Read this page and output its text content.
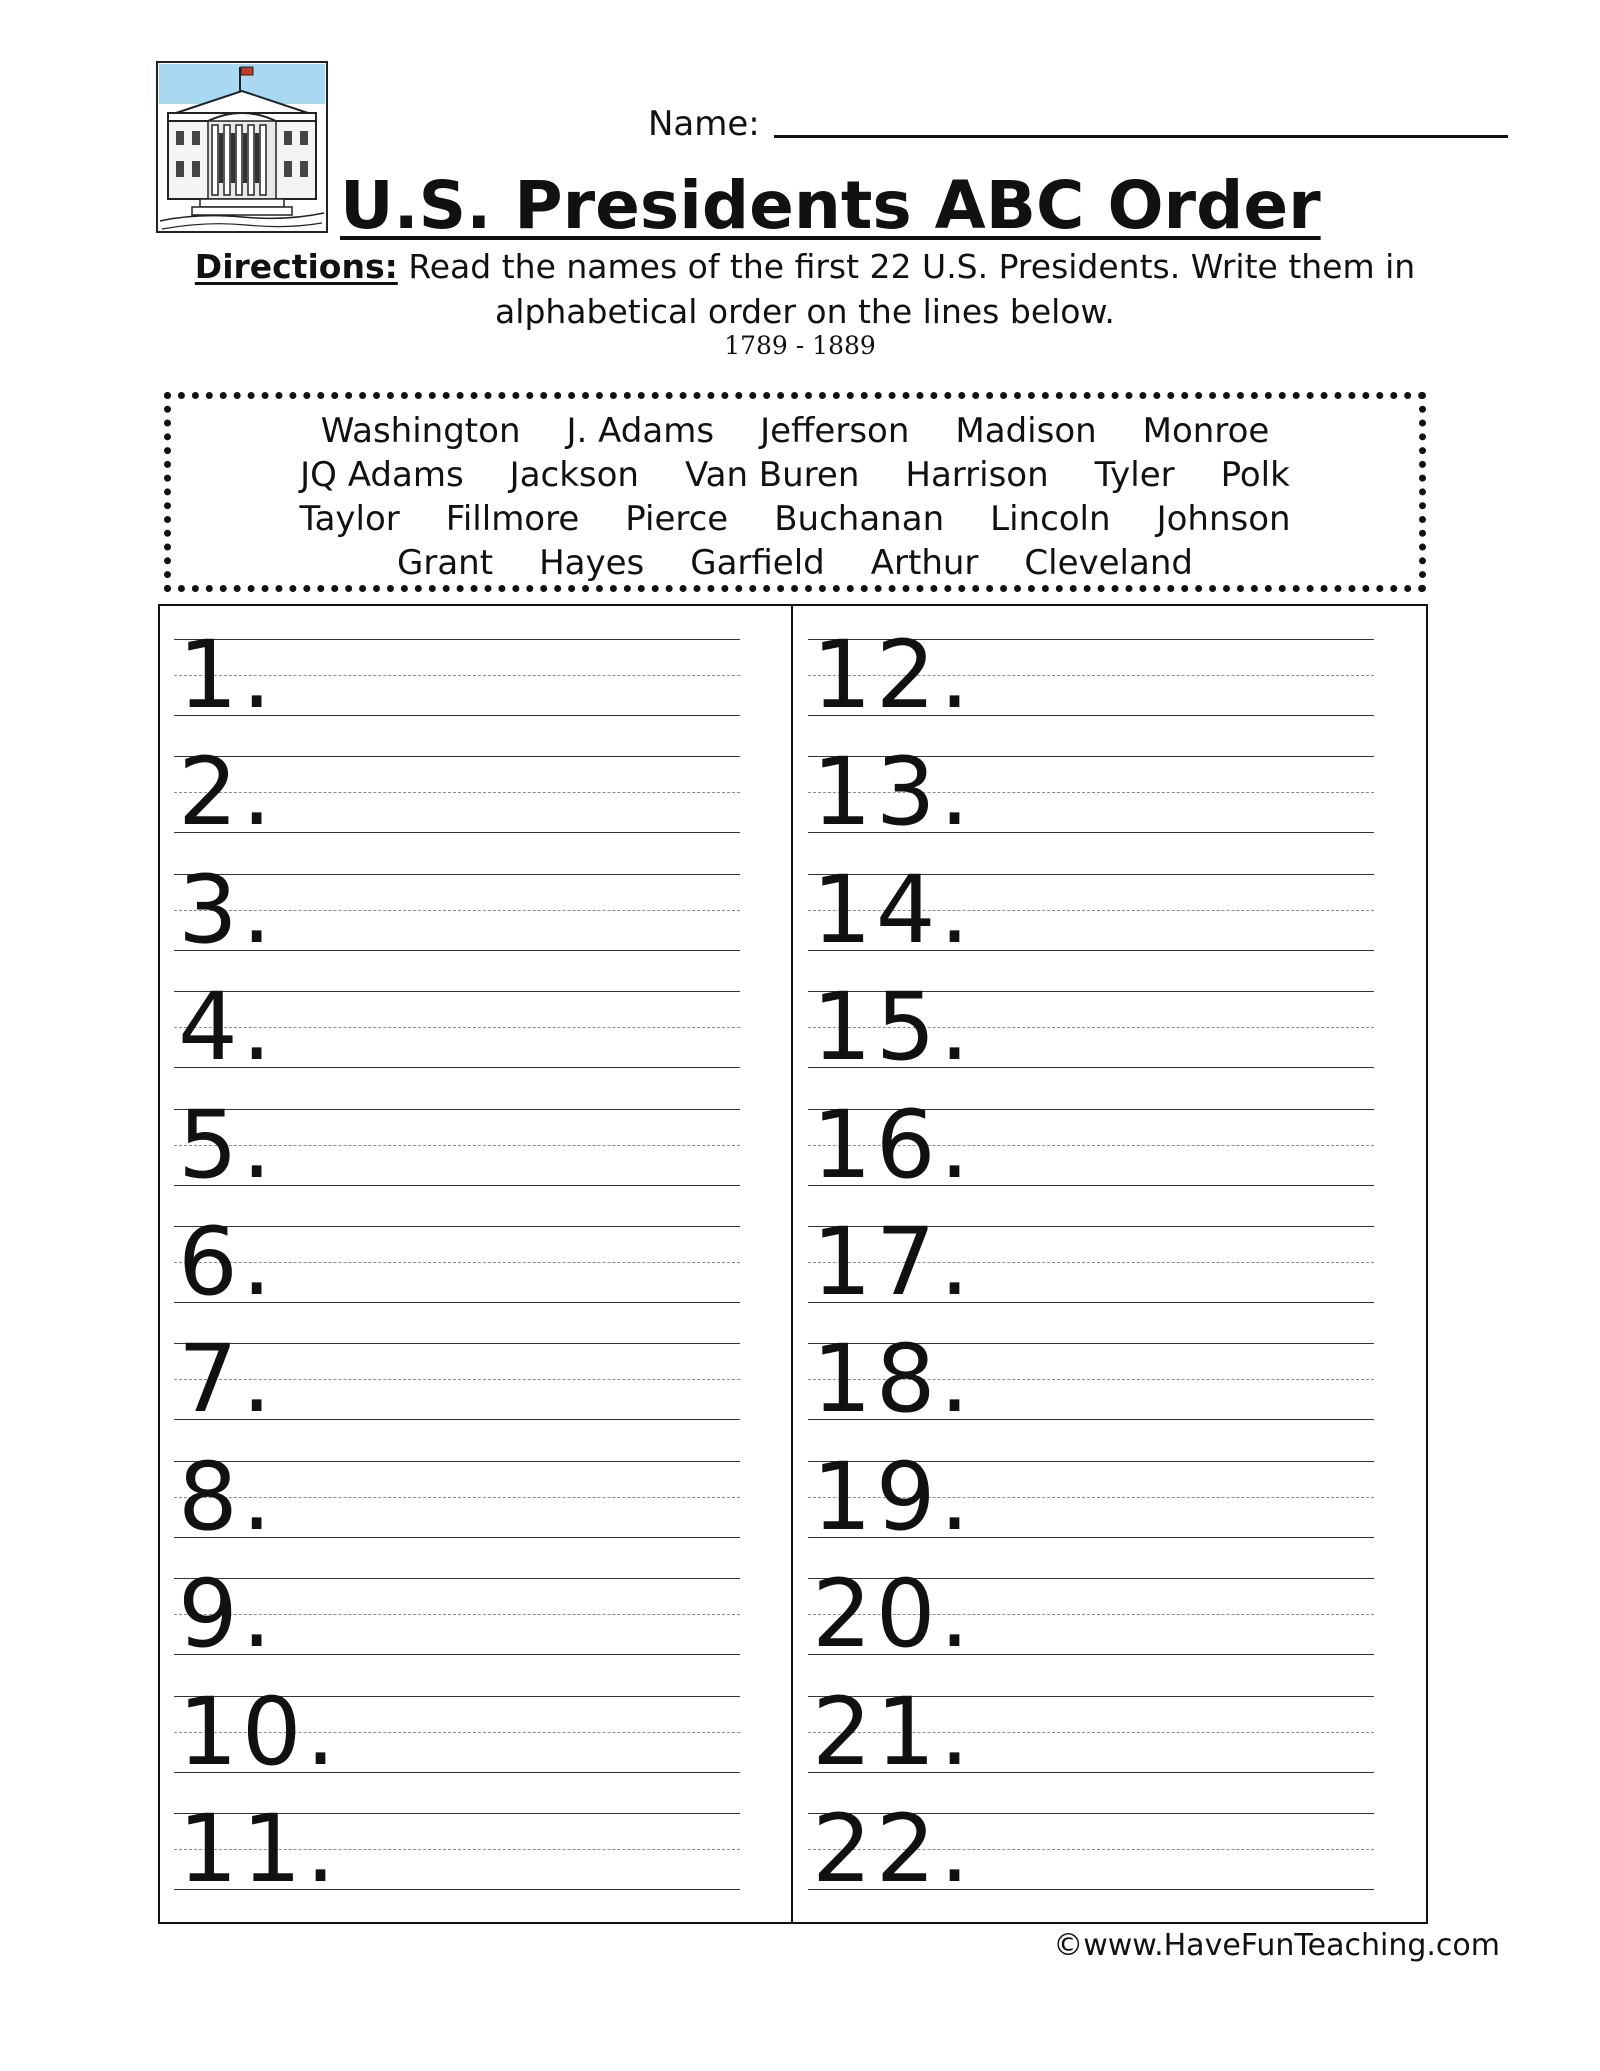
Name:
U.S. Presidents ABC Order
Directions: Read the names of the first 22 U.S. Presidents. Write them in alphabetical order on the lines below.
1789 - 1889
Washington J. Adams Jefferson Madison Monroe
JQ Adams Jackson Van Buren Harrison Tyler Polk
Taylor Fillmore Pierce Buchanan Lincoln Johnson
Grant Hayes Garfield Arthur Cleveland
1.
2.
3.
4.
5.
6.
7.
8.
9.
10.
11.
12.
13.
14.
15.
16.
17.
18.
19.
20.
21.
22.
©www.HaveFunTeaching.com
